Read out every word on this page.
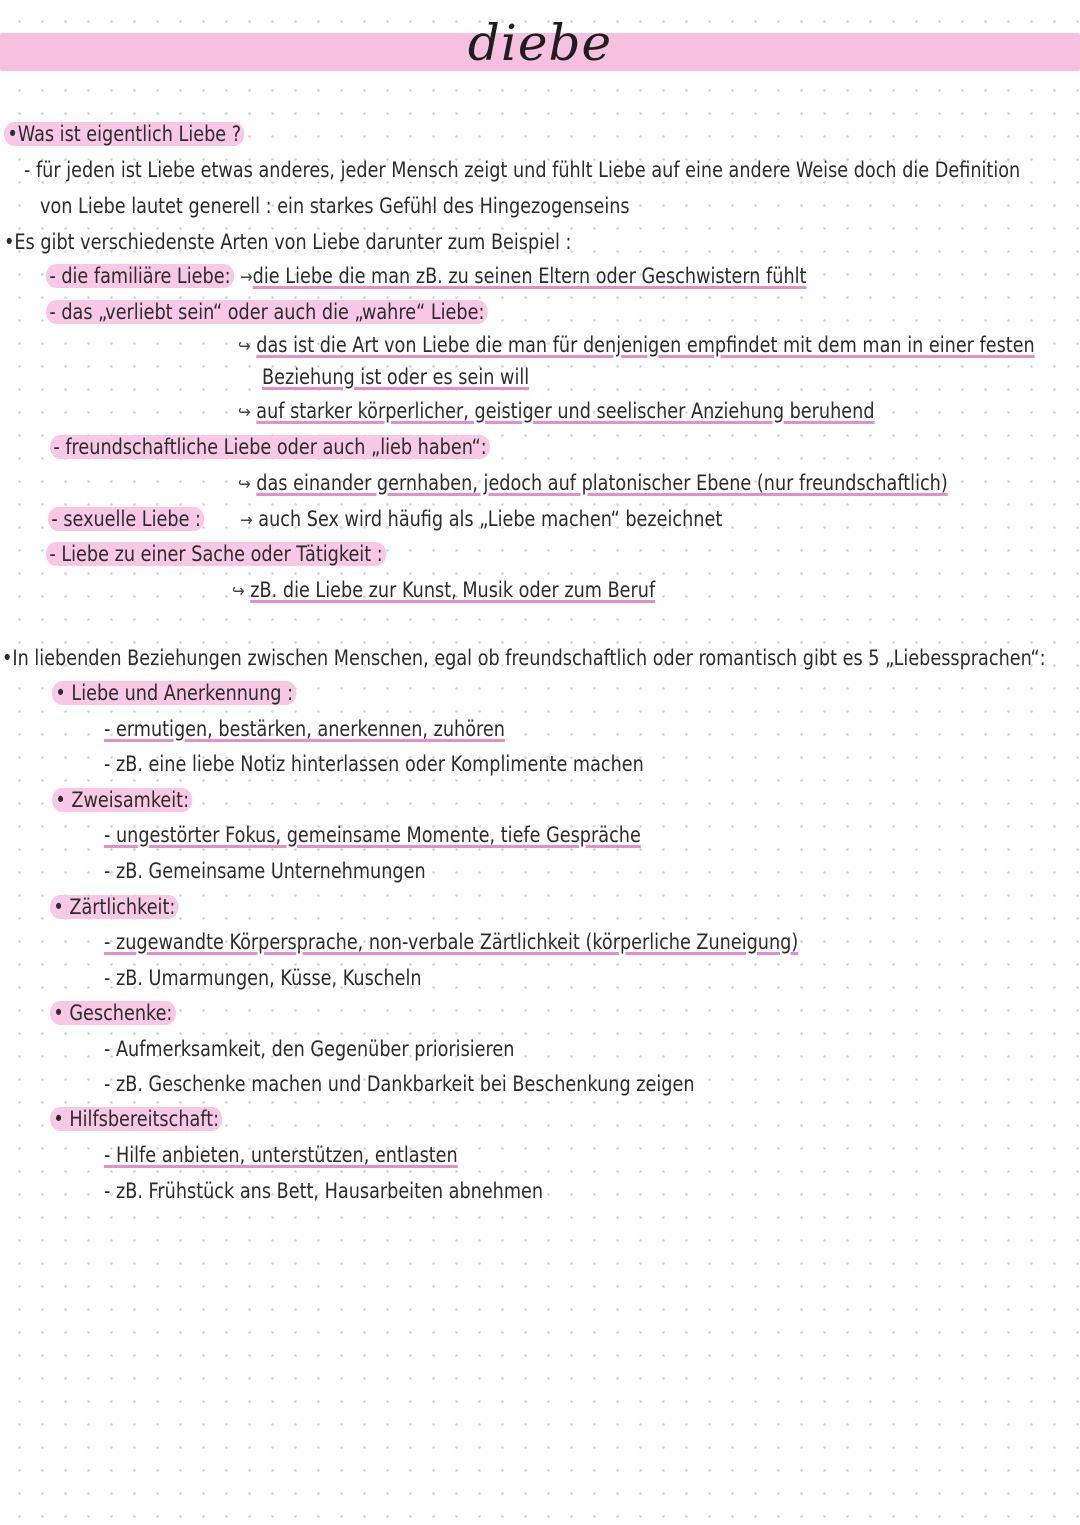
diebe
•Was ist eigentlich Liebe ?
- für jeden ist Liebe etwas anderes, jeder Mensch zeigt und fühlt Liebe auf eine andere Weise doch die Definition
von Liebe lautet generell : ein starkes Gefühl des Hingezogenseins
•Es gibt verschiedenste Arten von Liebe darunter zum Beispiel :
- die familiäre Liebe: →die Liebe die man zB. zu seinen Eltern oder Geschwistern fühlt
- das „verliebt sein“ oder auch die „wahre“ Liebe:
↪ das ist die Art von Liebe die man für denjenigen empfindet mit dem man in einer festen
Beziehung ist oder es sein will
↪ auf starker körperlicher, geistiger und seelischer Anziehung beruhend
- freundschaftliche Liebe oder auch „lieb haben“:
↪ das einander gernhaben, jedoch auf platonischer Ebene (nur freundschaftlich)
- sexuelle Liebe : → auch Sex wird häufig als „Liebe machen“ bezeichnet
- Liebe zu einer Sache oder Tätigkeit :
↪ zB. die Liebe zur Kunst, Musik oder zum Beruf
•In liebenden Beziehungen zwischen Menschen, egal ob freundschaftlich oder romantisch gibt es 5 „Liebessprachen“:
• Liebe und Anerkennung :
- ermutigen, bestärken, anerkennen, zuhören
- zB. eine liebe Notiz hinterlassen oder Komplimente machen
• Zweisamkeit:
- ungestörter Fokus, gemeinsame Momente, tiefe Gespräche
- zB. Gemeinsame Unternehmungen
• Zärtlichkeit:
- zugewandte Körpersprache, non-verbale Zärtlichkeit (körperliche Zuneigung)
- zB. Umarmungen, Küsse, Kuscheln
• Geschenke:
- Aufmerksamkeit, den Gegenüber priorisieren
- zB. Geschenke machen und Dankbarkeit bei Beschenkung zeigen
• Hilfsbereitschaft:
- Hilfe anbieten, unterstützen, entlasten
- zB. Frühstück ans Bett, Hausarbeiten abnehmen
